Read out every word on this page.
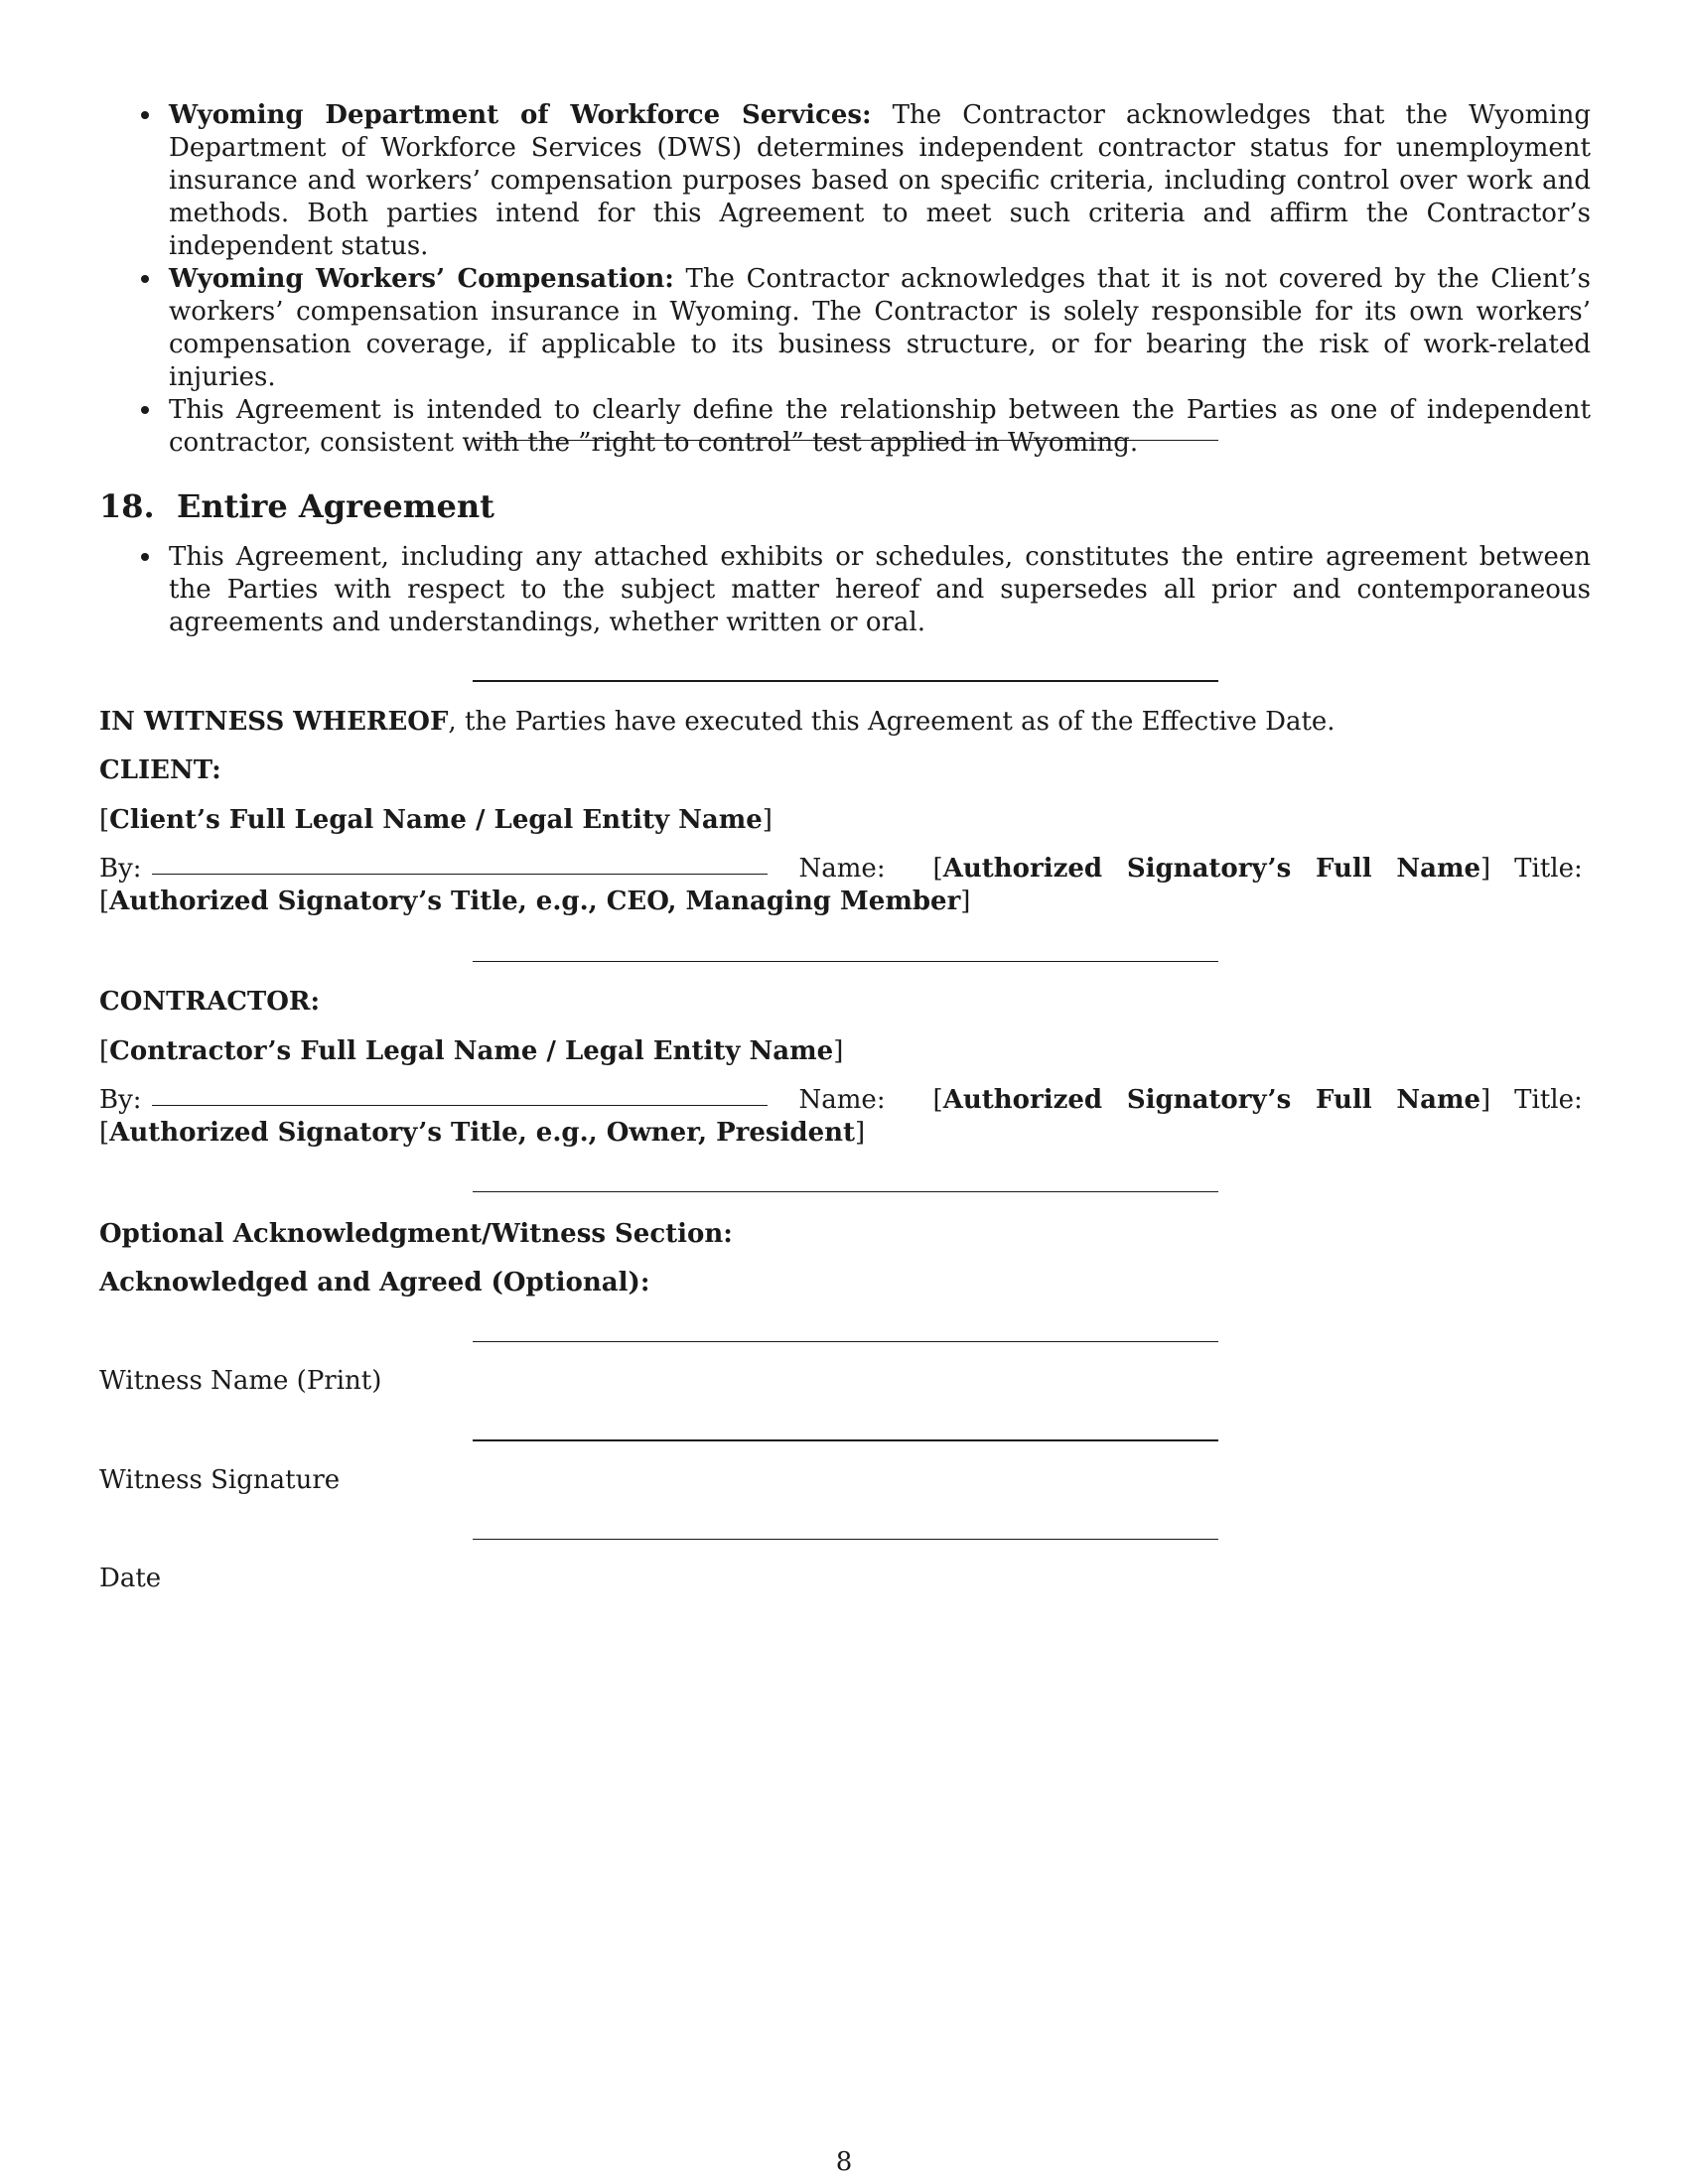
Wyoming Department of Workforce Services: The Contractor acknowledges that the Wyoming Department of Workforce Services (DWS) determines independent contractor status for unemployment insurance and workers’ compensation purposes based on specific criteria, including control over work and methods. Both parties intend for this Agreement to meet such criteria and affirm the Contractor’s independent status.
Wyoming Workers’ Compensation: The Contractor acknowledges that it is not covered by the Client’s workers’ compensation insurance in Wyoming. The Contractor is solely responsible for its own workers’ compensation coverage, if applicable to its business structure, or for bearing the risk of work-related injuries.
This Agreement is intended to clearly define the relationship between the Parties as one of independent contractor, consistent with the ”right to control” test applied in Wyoming.
18. Entire Agreement
This Agreement, including any attached exhibits or schedules, constitutes the entire agreement between the Parties with respect to the subject matter hereof and supersedes all prior and contemporaneous agreements and understandings, whether written or oral.
IN WITNESS WHEREOF, the Parties have executed this Agreement as of the Effective Date.
CLIENT:
[Client’s Full Legal Name / Legal Entity Name]
By:	Name: [Authorized Signatory’s Full Name] Title:  [Authorized Signatory’s Title, e.g., CEO, Managing Member]
CONTRACTOR:
[Contractor’s Full Legal Name / Legal Entity Name]
By:	Name: [Authorized Signatory’s Full Name] Title:  [Authorized Signatory’s Title, e.g., Owner, President]
Optional Acknowledgment/Witness Section:
Acknowledged and Agreed (Optional):
Witness Name (Print)
Witness Signature
Date
8
